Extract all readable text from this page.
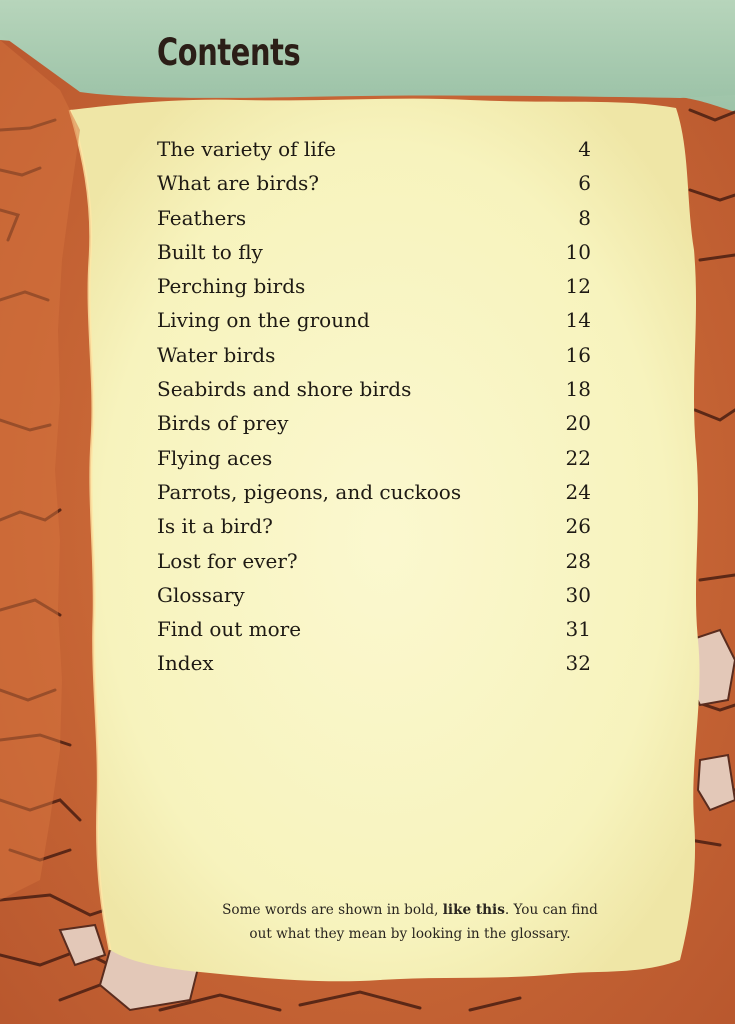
Contents
The variety of life	4
What are birds?	6
Feathers	8
Built to fly	10
Perching birds	12
Living on the ground	14
Water birds	16
Seabirds and shore birds	18
Birds of prey	20
Flying aces	22
Parrots, pigeons, and cuckoos	24
Is it a bird?	26
Lost for ever?	28
Glossary	30
Find out more	31
Index	32

Some words are shown in bold, like this. You can find out what they mean by looking in the glossary.
